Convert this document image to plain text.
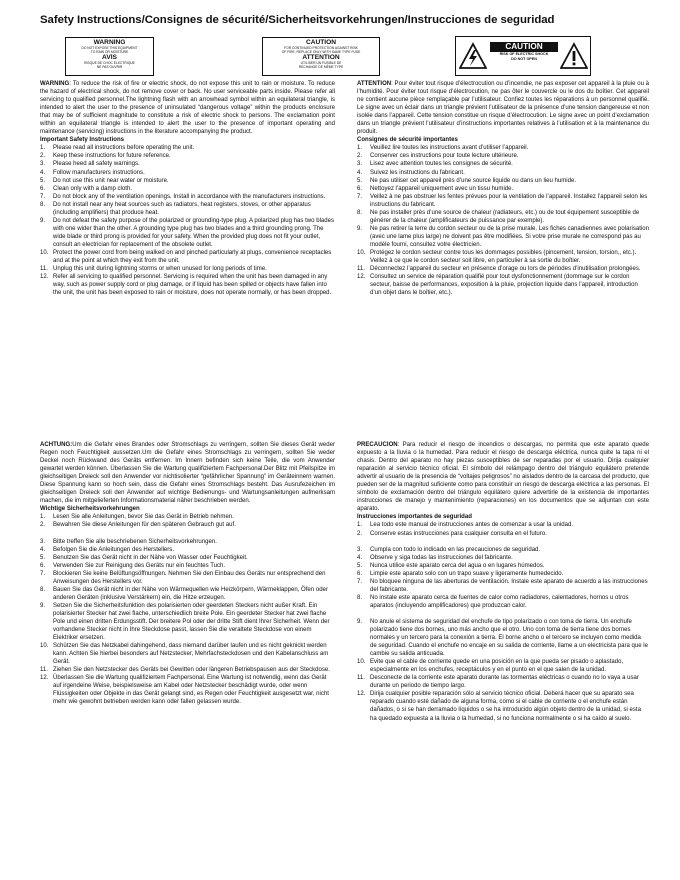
Safety Instructions/Consignes de sécurité/Sicherheitsvorkehrungen/Instrucciones de seguridad
WARNING
DO NOT EXPOSE THIS EQUIPMENT
TO RAIN OR MOISTURE
AVIS
RISQUE DE CHOC ÉLECTRIQUE
NE PAS OUVRIR
CAUTION
FOR CONTINUED PROTECTION AGAINST RISK
OF FIRE, REPLACE ONLY WITH SAME TYPE FUSE
ATTENTION
UTILISER UN FUSIBLE DE
RECHANGE DE MÊME TYPE
CAUTION
RISK OF ELECTRIC SHOCK
DO NOT OPEN

WARNING: To reduce the risk of fire or electric shock, do not expose this unit to rain or moisture. To reduce the hazard of electrical shock, do not remove cover or back. No user serviceable parts inside. Please refer all servicing to qualified personnel.The lightning flash with an arrowhead symbol within an equilateral triangle, is intended to alert the user to the presence of uninsulated “dangerous voltage” within the products enclosure that may be of sufficient magnitude to constitute a risk of electric shock to persons. The exclamation point within an equilateral triangle is intended to alert the user to the presence of important operating and maintenance (servicing) instructions in the literature accompanying the product.

Important Safety Instructions
1. Please read all instructions before operating the unit.
2. Keep these instructions for future reference.
3. Please heed all safety warnings.
4. Follow manufacturers instructions.
5. Do not use this unit near water or moisture.
6. Clean only with a damp cloth.
7. Do not block any of the ventilation openings. Install in accordance with the manufacturers instructions.
8. Do not install near any heat sources such as radiators, heat registers, stoves, or other apparatus (including amplifiers) that produce heat.
9. Do not defeat the safety purpose of the polarized or grounding-type plug. A polarized plug has two blades with one wider than the other. A grounding type plug has two blades and a third grounding prong. The wide blade or third prong is provided for your safety. When the provided plug does not fit your outlet, consult an electrician for replacement of the obsolete outlet.
10. Protect the power cord from being walked on and pinched particularly at plugs, convenience receptacles and at the point at which they exit from the unit.
11. Unplug this unit during lightning storms or when unused for long periods of time.
12. Refer all servicing to qualified personnel. Servicing is required when the unit has been damaged in any way, such as power supply cord or plug damage, or if liquid has been spilled or objects have fallen into the unit, the unit has been exposed to rain or moisture, does not operate normally, or has been dropped.

ATTENTION: Pour éviter tout risque d’électrocution ou d’incendie, ne pas exposer cet appareil à la pluie ou à l’humidité. Pour éviter tout risque d’électrocution, ne pas ôter le couvercle ou le dos du boîtier. Cet appareil ne contient aucune pièce remplaçable par l’utilisateur. Confiez toutes les réparations à un personnel qualifié. Le signe avec un éclair dans un triangle prévient l’utilisateur de la présence d’une tension dangereuse et non isolée dans l’appareil. Cette tension constitue un risque d’électrocution. Le signe avec un point d’exclamation dans un triangle prévient l’utilisateur d’instructions importantes relatives à l’utilisation et à la maintenance du produit.

Consignes de sécurité importantes
1. Veuillez lire toutes les instructions avant d’utiliser l’appareil.
2. Conserver ces instructions pour toute lecture ultérieure.
3. Lisez avec attention toutes les consignes de sécurité.
4. Suivez les instructions du fabricant.
5. Ne pas utiliser cet appareil près d’une source liquide ou dans un lieu humide.
6. Nettoyez l’appareil uniquement avec un tissu humide.
7. Veillez à ne pas obstruer les fentes prévues pour la ventilation de l’appareil. Installez l’appareil selon les instructions du fabricant.
8. Ne pas installer près d’une source de chaleur (radiateurs, etc.) ou de tout équipement susceptible de générer de la chaleur (amplificateurs de puissance par exemple).
9. Ne pas retirer la terre du cordon secteur ou de la prise murale. Les fiches canadiennes avec polarisation (avec une lame plus large) ne doivent pas être modifiées. Si votre prise murale ne correspond pas au modèle fourni, consultez votre électricien.
10. Protégez le cordon secteur contre tous les dommages possibles (pincement, tension, torsion,, etc.). Veillez à ce que le cordon secteur soit libre, en particulier à sa sortie du boîtier.
11. Déconnectez l’appareil du secteur en présence d’orage ou lors de périodes d’inutilisation prolongées.
12. Consultez un service de réparation qualifié pour tout dysfonctionnement (dommage sur le cordon secteur, baisse de performances, exposition à la pluie, projection liquide dans l’appareil, introduction d’un objet dans le boîtier, etc.).

ACHTUNG:Um die Gefahr eines Brandes oder Stromschlags zu verringern, sollten Sie dieses Gerät weder Regen noch Feuchtigkeit aussetzen.Um die Gefahr eines Stromschlags zu verringern, sollten Sie weder Deckel noch Rückwand des Geräts entfernen. Im Innern befinden sich keine Teile, die vom Anwender gewartet werden können. Überlassen Sie die Wartung qualifiziertem Fachpersonal.Der Blitz mit Pfeilspitze im gleichseitigen Dreieck soll den Anwender vor nichtisolierter “gefährlicher Spannung” im Geräteinnern warnen. Diese Spannung kann so hoch sein, dass die Gefahr eines Stromschlags besteht. Das Ausrufezeichen im gleichseitigen Dreieck soll den Anwender auf wichtige Bedienungs- und Wartungsanleitungen aufmerksam machen, die im mitgelieferten Informationsmaterial näher beschrieben werden.

Wichtige Sicherheitsvorkehrungen
1. Lesen Sie alle Anleitungen, bevor Sie das Gerät in Betrieb nehmen.
2. Bewahren Sie diese Anleitungen für den späteren Gebrauch gut auf.
3. Bitte treffen Sie alle beschriebenen Sicherheitsvorkehrungen.
4. Befolgen Sie die Anleitungen des Herstellers.
5. Benutzen Sie das Gerät nicht in der Nähe von Wasser oder Feuchtigkeit.
6. Verwenden Sie zur Reinigung des Geräts nur ein feuchtes Tuch.
7. Blockieren Sie keine Belüftungsöffnungen. Nehmen Sie den Einbau des Geräts nur entsprechend den Anweisungen des Herstellers vor.
8. Bauen Sie das Gerät nicht in der Nähe von Wärmequellen wie Heizkörpern, Wärmeklappen, Öfen oder anderen Geräten (inklusive Verstärkern) ein, die Hitze erzeugen.
9. Setzen Sie die Sicherheitsfunktion des polarisierten oder geerdeten Steckers nicht außer Kraft. Ein polarisierter Stecker hat zwei flache, unterschiedlich breite Pole. Ein geerdeter Stecker hat zwei flache Pole und einen dritten Erdungsstift. Der breitere Pol oder der dritte Stift dient Ihrer Sicherheit. Wenn der vorhandene Stecker nicht in Ihre Steckdose passt, lassen Sie die veraltete Steckdose von einem Elektriker ersetzen.
10. Schützen Sie das Netzkabel dahingehend, dass niemand darüber laufen und es nicht geknickt werden kann. Achten Sie hierbei besonders auf Netzstecker, Mehrfachsteckdosen und den Kabelanschluss am Gerät.
11. Ziehen Sie den Netzstecker des Geräts bei Gewitten oder längeren Betriebspausen aus der Steckdose.
12. Überlassen Sie die Wartung qualifiziertem Fachpersonal. Eine Wartung ist notwendig, wenn das Gerät auf irgendeine Weise, beispielsweise am Kabel oder Netzstecker beschädigt wurde, oder wenn Flüssigkeiten oder Objekte in das Gerät gelangt sind, es Regen oder Feuchtigkeit ausgesetzt war, nicht mehr wie gewohnt betrieben werden kann oder fallen gelassen wurde.

PRECAUCION: Para reducir el riesgo de incendios o descargas, no permita que este aparato quede expuesto a la lluvia o la humedad. Para reducir el riesgo de descarga eléctrica, nunca quite la tapa ni el chasis. Dentro del aparato no hay piezas susceptibles de ser reparadas por el usuario. Dirija cualquier reparación al servicio técnico oficial. El símbolo del relámpago dentro del triángulo equilátero pretende advertir al usuario de la presencia de “voltajes peligrosos” no aislados dentro de la carcasa del producto, que pueden ser de la magnitud suficiente como para constituir un riesgo de descarga eléctrica a las personas. El símbolo de exclamación dentro del triángulo equilátero quiere advertirle de la existencia de importantes instrucciones de manejo y mantenimiento (reparaciones) en los documentos que se adjuntan con este aparato.

Instrucciones importantes de seguridad
1. Lea todo este manual de instrucciones antes de comenzar a usar la unidad.
2. Conserve estas instrucciones para cualquier consulta en el futuro.
3. Cumpla con todo lo indicado en las precauciones de seguridad.
4. Observe y siga todas las instrucciones del fabricante.
5. Nunca utilice este aparato cerca del agua o en lugares húmedos.
6. Limpie este aparato solo con un trapo suave y ligeramente humedecido.
7. No bloquee ninguna de las aberturas de ventilación. Instale este aparato de acuerdo a las instrucciones del fabricante.
8. No instale este aparato cerca de fuentes de calor como radiadores, calentadores, hornos u otros aparatos (incluyendo amplificadores) que produzcan calor.
9. No anule el sistema de seguridad del enchufe de tipo polarizado o con toma de tierra. Un enchufe polarizado tiene dos bornes, uno más ancho que el otro. Uno con toma de tierra tiene dos bornes normales y un tercero para la conexión a tierra. El borne ancho o el tercero se incluyen como medida de seguridad. Cuando el enchufe no encaje en su salida de corriente, llame a un electricista para que le cambie su salida anticuada.
10. Evite que el cable de corriente quede en una posición en la que pueda ser pisado o aplastado, especialmente en los enchufes, receptáculos y en el punto en el que salen de la unidad.
11. Desconecte de la corriente este aparato durante las tormentas eléctricas o cuando no lo vaya a usar durante un periodo de tiempo largo.
12. Dirija cualquier posible reparación sólo al servicio técnico oficial. Deberá hacer que su aparato sea reparado cuando esté dañado de alguna forma, como si el cable de corriente o el enchufe están dañados, o si se han derramado líquidos o se ha introducido algún objeto dentro de la unidad, si esta ha quedado expuesta a la lluvia o la humedad, si no funciona normalmente o si ha caído al suelo.
